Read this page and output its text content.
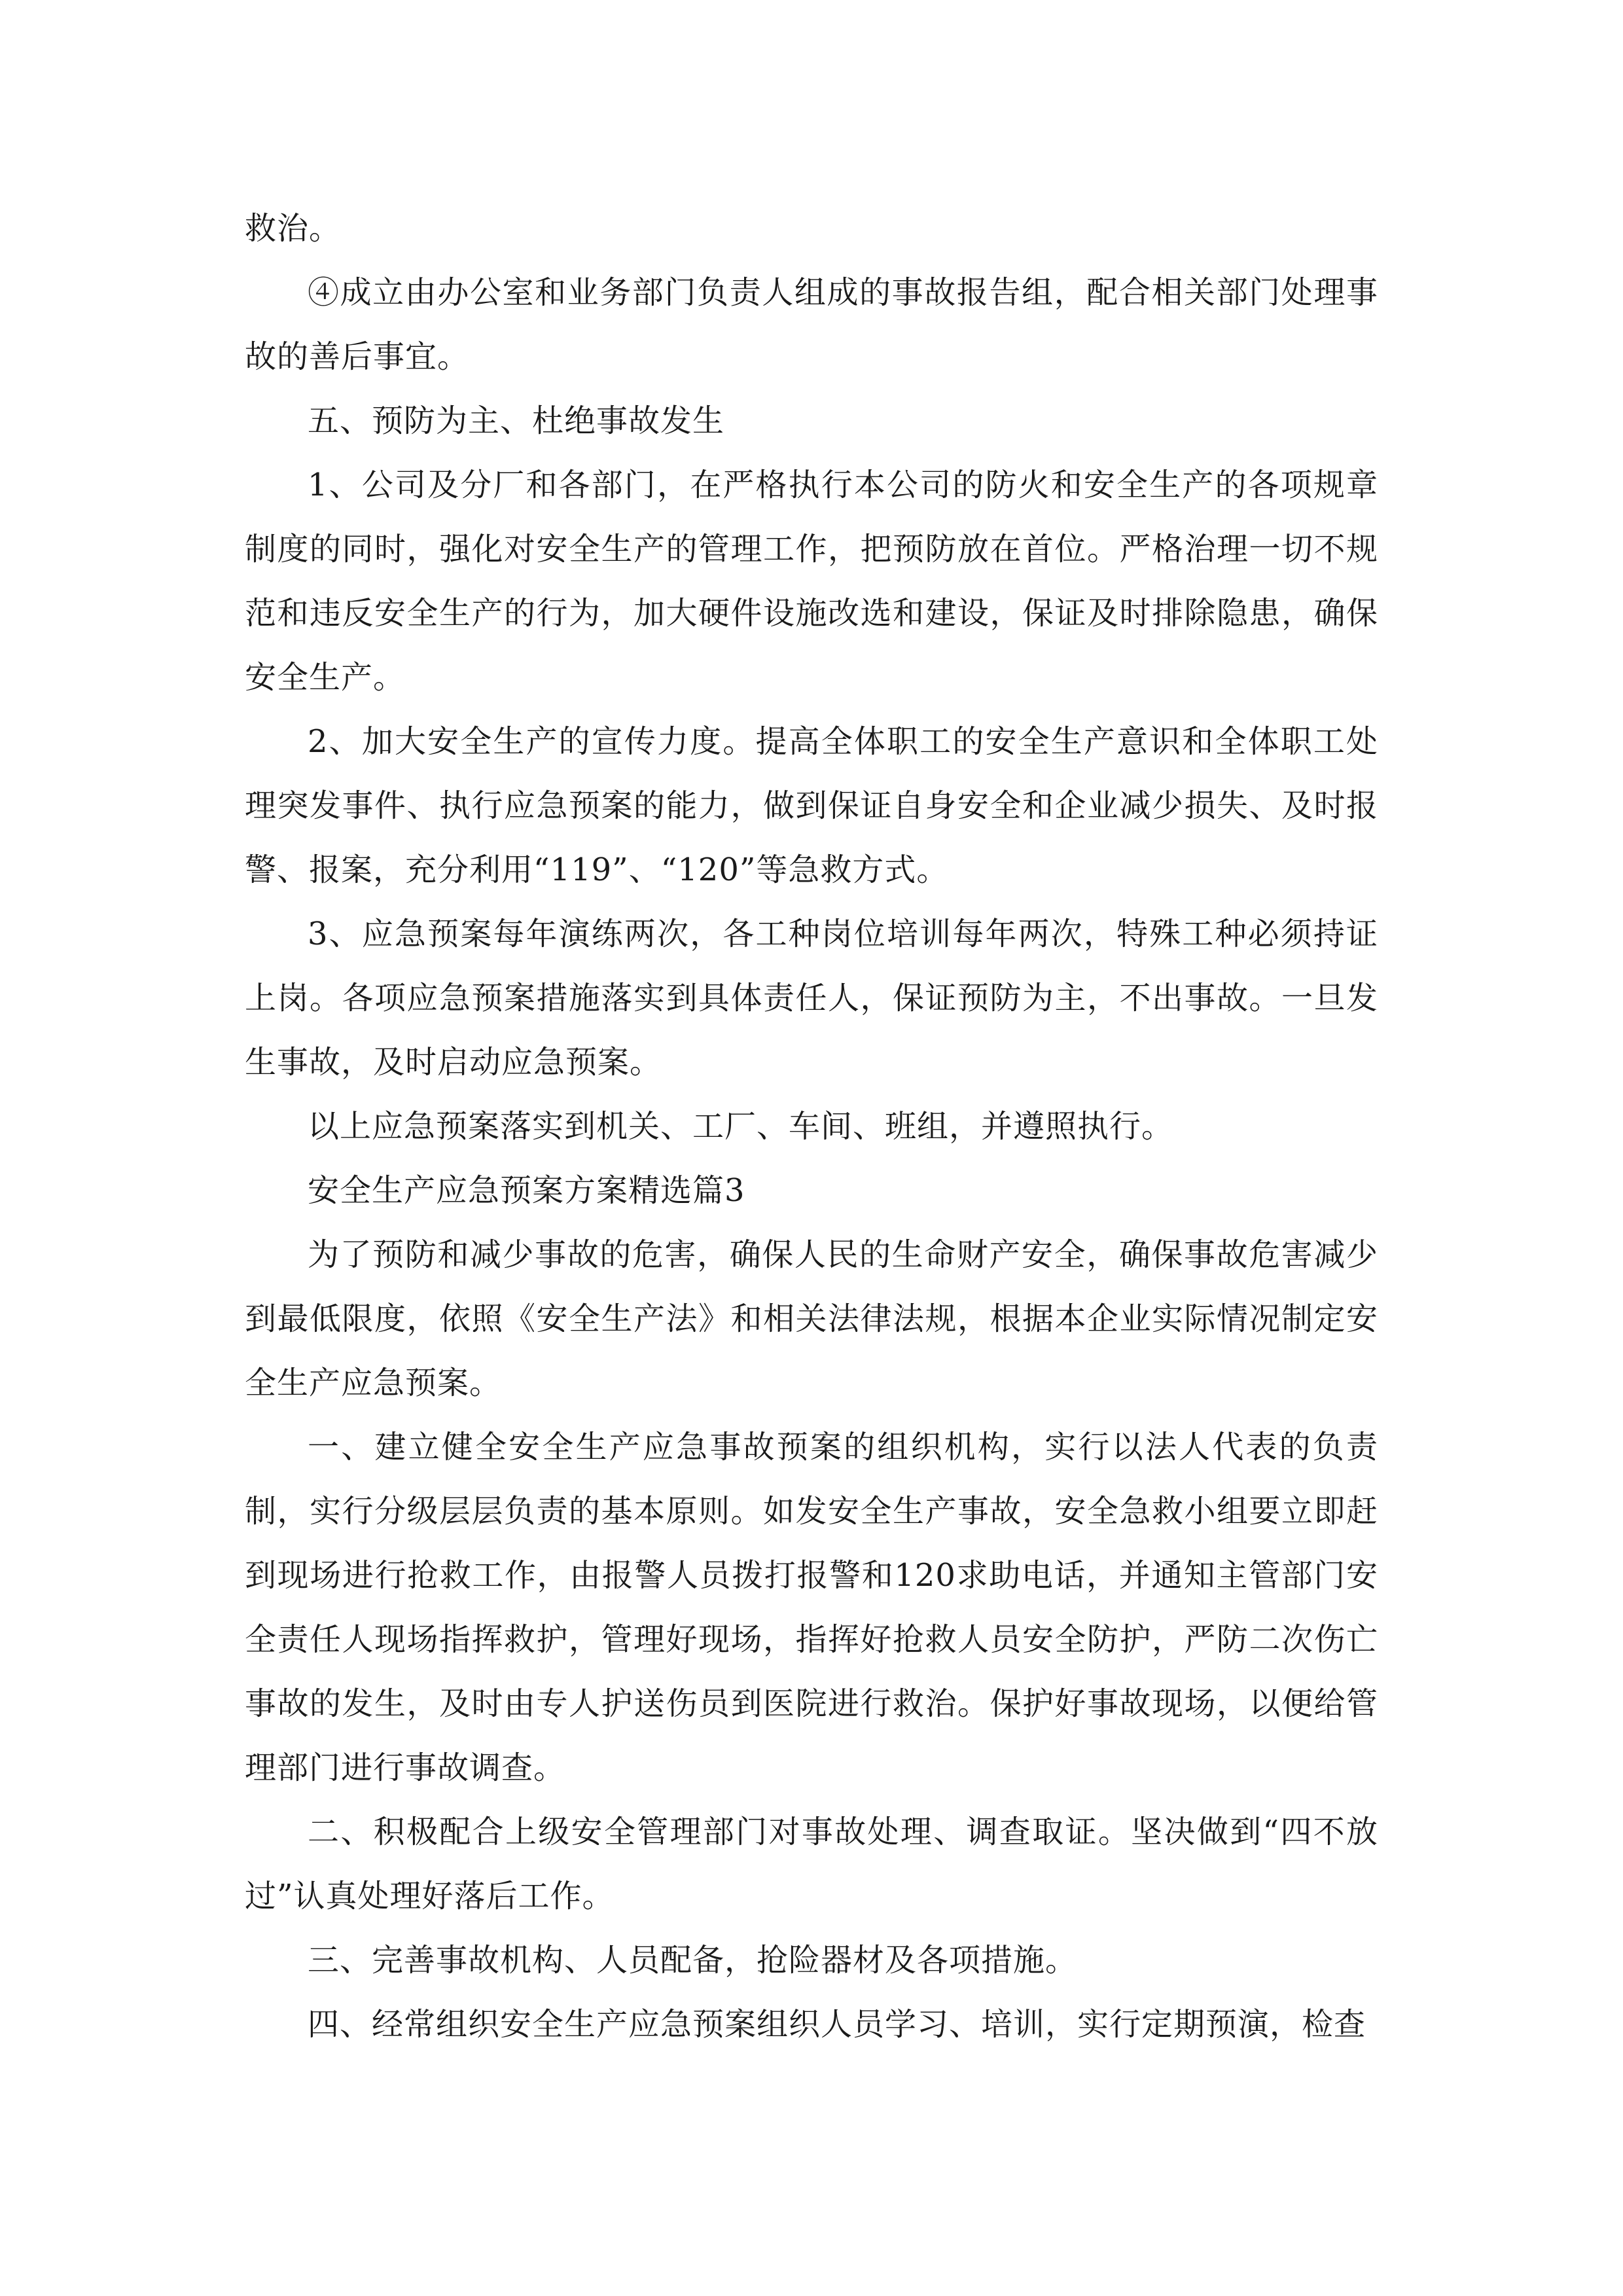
救治。

④成立由办公室和业务部门负责人组成的事故报告组，配合相关部门处理事故的善后事宜。

五、预防为主、杜绝事故发生

1、公司及分厂和各部门，在严格执行本公司的防火和安全生产的各项规章制度的同时，强化对安全生产的管理工作，把预防放在首位。严格治理一切不规范和违反安全生产的行为，加大硬件设施改选和建设，保证及时排除隐患，确保安全生产。

2、加大安全生产的宣传力度。提高全体职工的安全生产意识和全体职工处理突发事件、执行应急预案的能力，做到保证自身安全和企业减少损失、及时报警、报案，充分利用“119”、“120”等急救方式。

3、应急预案每年演练两次，各工种岗位培训每年两次，特殊工种必须持证上岗。各项应急预案措施落实到具体责任人，保证预防为主，不出事故。一旦发生事故，及时启动应急预案。

以上应急预案落实到机关、工厂、车间、班组，并遵照执行。

安全生产应急预案方案精选篇3

为了预防和减少事故的危害，确保人民的生命财产安全，确保事故危害减少到最低限度，依照《安全生产法》和相关法律法规，根据本企业实际情况制定安全生产应急预案。

一、建立健全安全生产应急事故预案的组织机构，实行以法人代表的负责制，实行分级层层负责的基本原则。如发安全生产事故，安全急救小组要立即赶到现场进行抢救工作，由报警人员拨打报警和120求助电话，并通知主管部门安全责任人现场指挥救护，管理好现场，指挥好抢救人员安全防护，严防二次伤亡事故的发生，及时由专人护送伤员到医院进行救治。保护好事故现场，以便给管理部门进行事故调查。

二、积极配合上级安全管理部门对事故处理、调查取证。坚决做到“四不放过”认真处理好落后工作。

三、完善事故机构、人员配备，抢险器材及各项措施。

四、经常组织安全生产应急预案组织人员学习、培训，实行定期预演，检查
